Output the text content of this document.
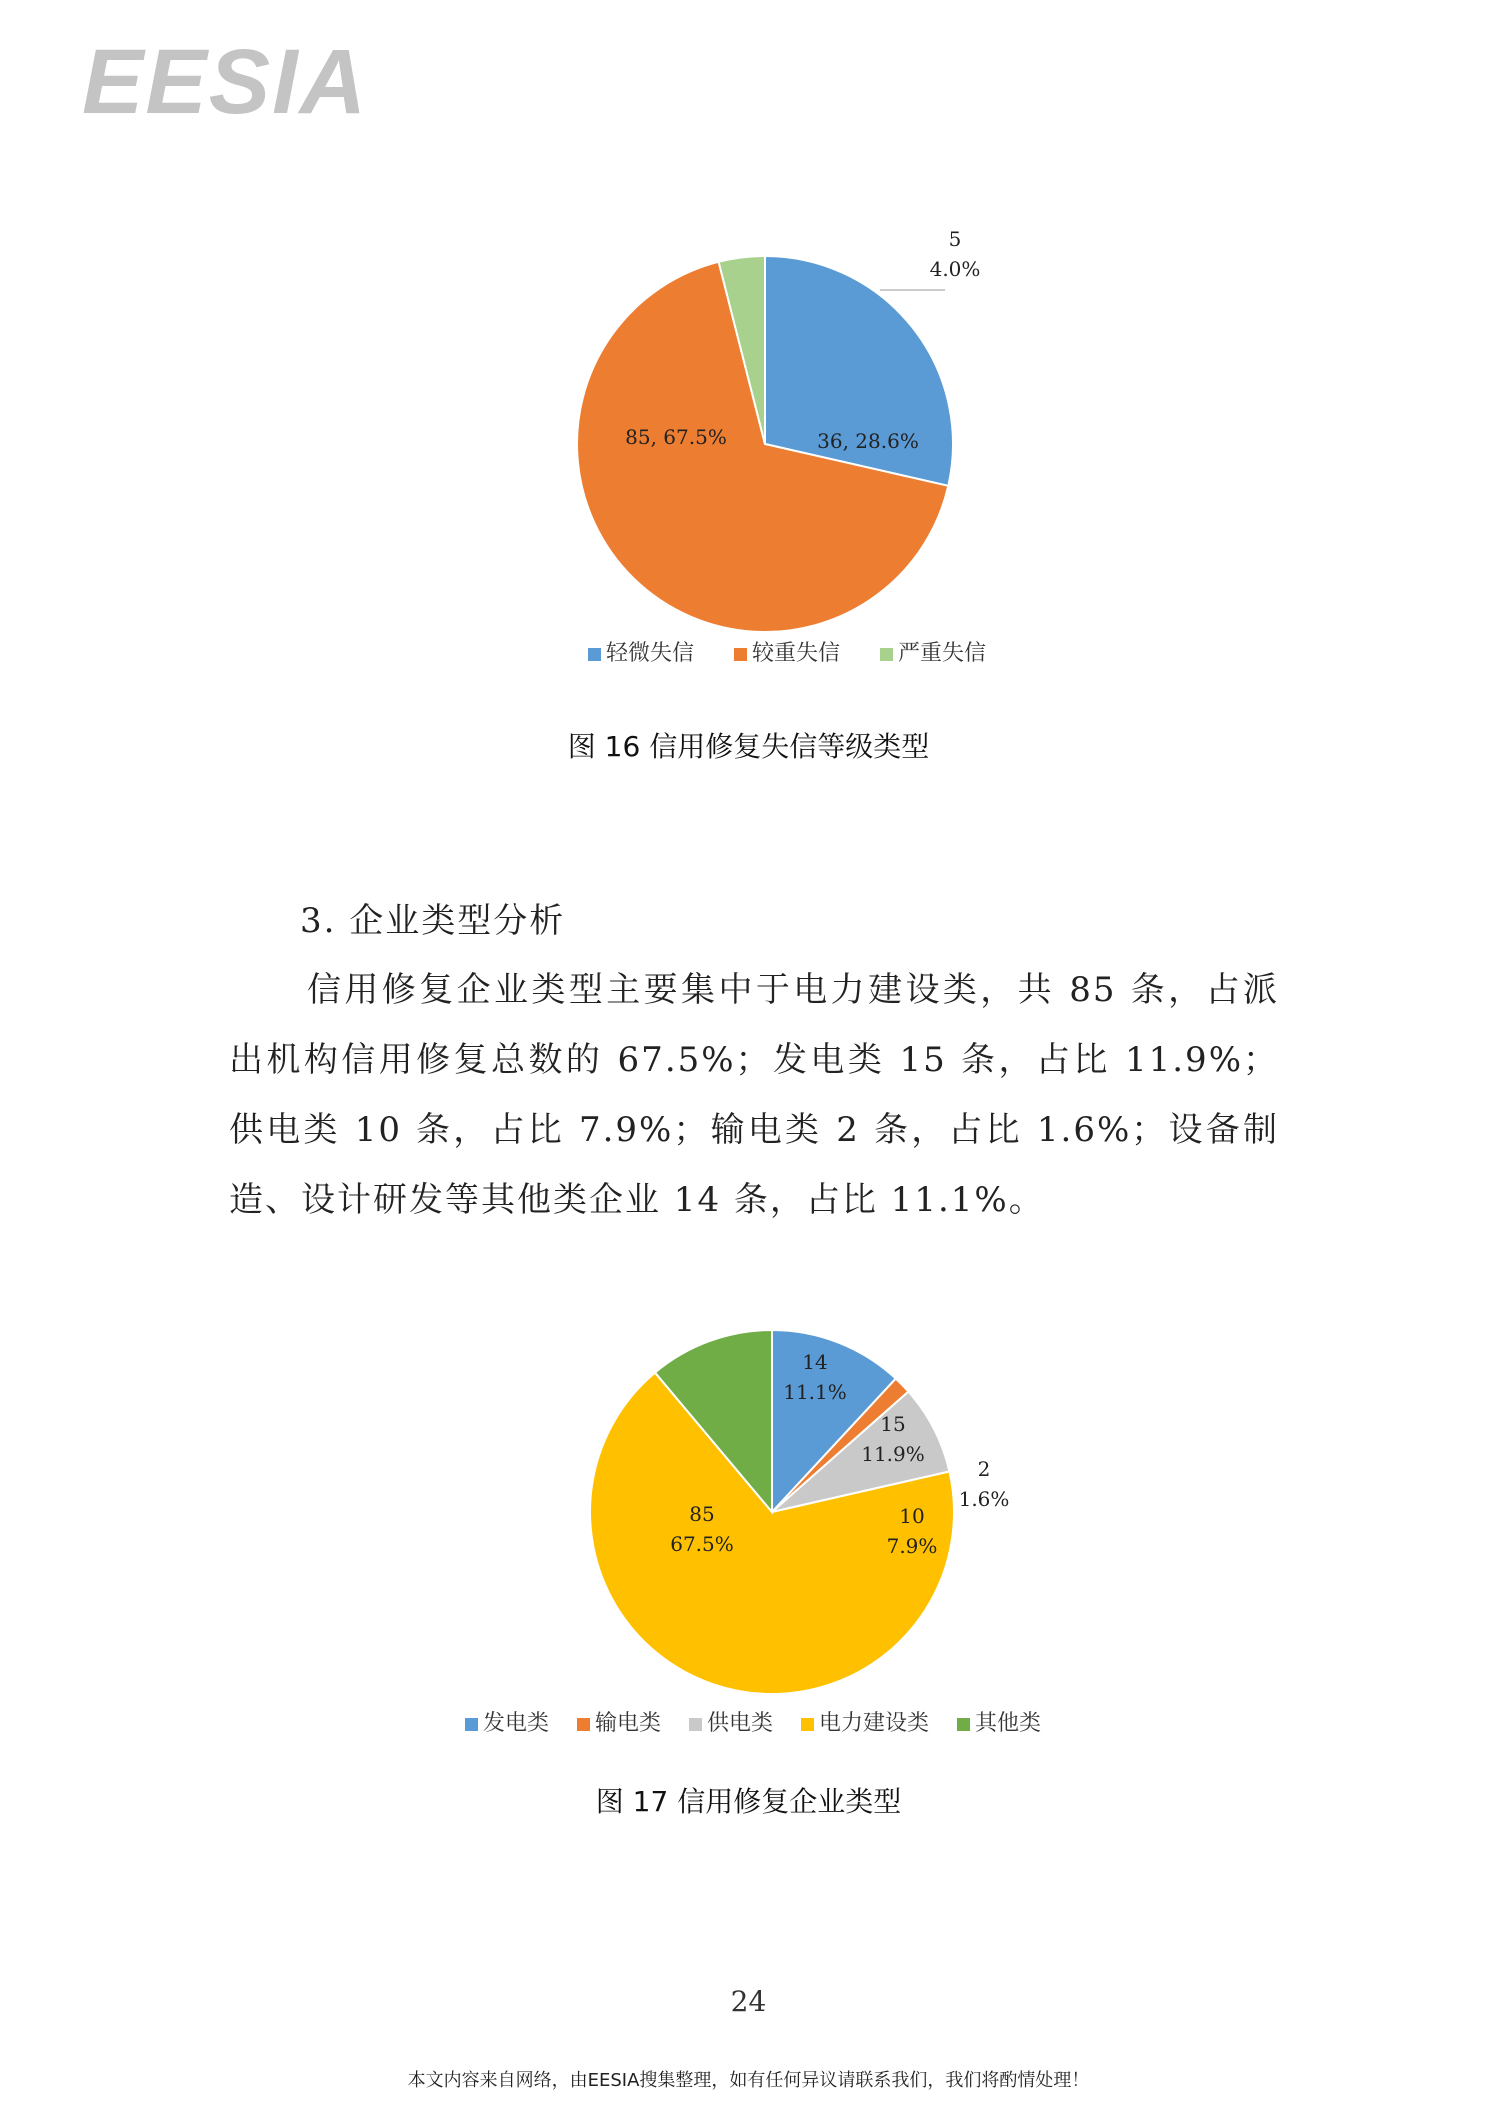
EESIA
36, 28.6%
85, 67.5%
5 4.0%
轻微失信	较重失信	严重失信
图 16 信用修复失信等级类型
3. 企业类型分析
信用修复企业类型主要集中于电力建设类，共 85 条，占派出机构信用修复总数的 67.5%；发电类 15 条，占比 11.9%；供电类 10 条，占比 7.9%；输电类 2 条，占比 1.6%；设备制造、设计研发等其他类企业 14 条，占比 11.1%。
15 11.9%
2 1.6%
10 7.9%
85 67.5%
14 11.1%
发电类 输电类 供电类 电力建设类 其他类
图 17 信用修复企业类型
24
本文内容来自网络，由EESIA搜集整理，如有任何异议请联系我们，我们将酌情处理！
